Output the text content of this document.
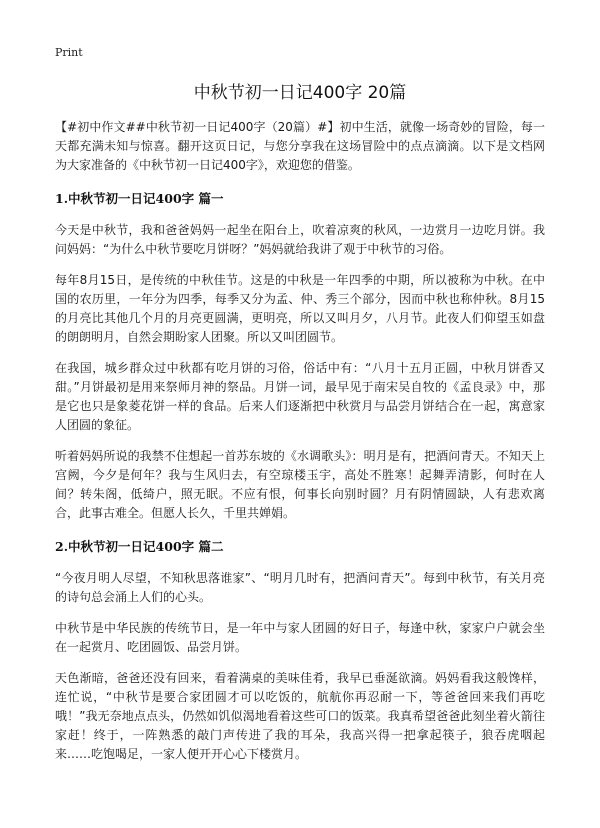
Print
中秋节初一日记400字 20篇

【#初中作文##中秋节初一日记400字（20篇）#】初中生活，就像一场奇妙的冒险，每一天都充满未知与惊喜。翻开这页日记，与您分享我在这场冒险中的点点滴滴。以下是文档网为大家准备的《中秋节初一日记400字》，欢迎您的借鉴。

1.中秋节初一日记400字 篇一

今天是中秋节，我和爸爸妈妈一起坐在阳台上，吹着凉爽的秋风，一边赏月一边吃月饼。我问妈妈：“为什么中秋节要吃月饼呀？”妈妈就给我讲了观于中秋节的习俗。

每年8月15日，是传统的中秋佳节。这是的中秋是一年四季的中期，所以被称为中秋。在中国的农历里，一年分为四季，每季又分为孟、仲、秀三个部分，因而中秋也称仲秋。8月15的月亮比其他几个月的月亮更圆满，更明亮，所以又叫月夕，八月节。此夜人们仰望玉如盘的朗朗明月，自然会期盼家人团聚。所以又叫团圆节。

在我国，城乡群众过中秋都有吃月饼的习俗，俗话中有：“八月十五月正圆，中秋月饼香又甜。”月饼最初是用来祭师月神的祭品。月饼一词，最早见于南宋吴自牧的《孟良录》中，那是它也只是象菱花饼一样的食品。后来人们逐渐把中秋赏月与品尝月饼结合在一起，寓意家人团圆的象征。

听着妈妈所说的我禁不住想起一首苏东坡的《水调歌头》：明月是有，把酒问青天。不知天上宫阙，今夕是何年？我与生风归去，有空琼楼玉宇，高处不胜寒！起舞弄清影，何时在人间？转朱阁，低绮户，照无眠。不应有恨，何事长向别时圆？月有阴情圆缺，人有悲欢离合，此事古难全。但愿人长久，千里共婵娟。

2.中秋节初一日记400字 篇二

“今夜月明人尽望，不知秋思落谁家”、“明月几时有，把酒问青天”。每到中秋节，有关月亮的诗句总会涌上人们的心头。

中秋节是中华民族的传统节日，是一年中与家人团圆的好日子，每逢中秋，家家户户就会坐在一起赏月、吃团圆饭、品尝月饼。

天色渐暗，爸爸还没有回来，看着满桌的美味佳肴，我早已垂涎欲滴。妈妈看我这般馋样，连忙说，“中秋节是要合家团圆才可以吃饭的，航航你再忍耐一下，等爸爸回来我们再吃哦！”我无奈地点点头，仍然如饥似渴地看着这些可口的饭菜。我真希望爸爸此刻坐着火箭往家赶！终于，一阵熟悉的敲门声传进了我的耳朵，我高兴得一把拿起筷子，狼吞虎咽起来……吃饱喝足，一家人便开开心心下楼赏月。
